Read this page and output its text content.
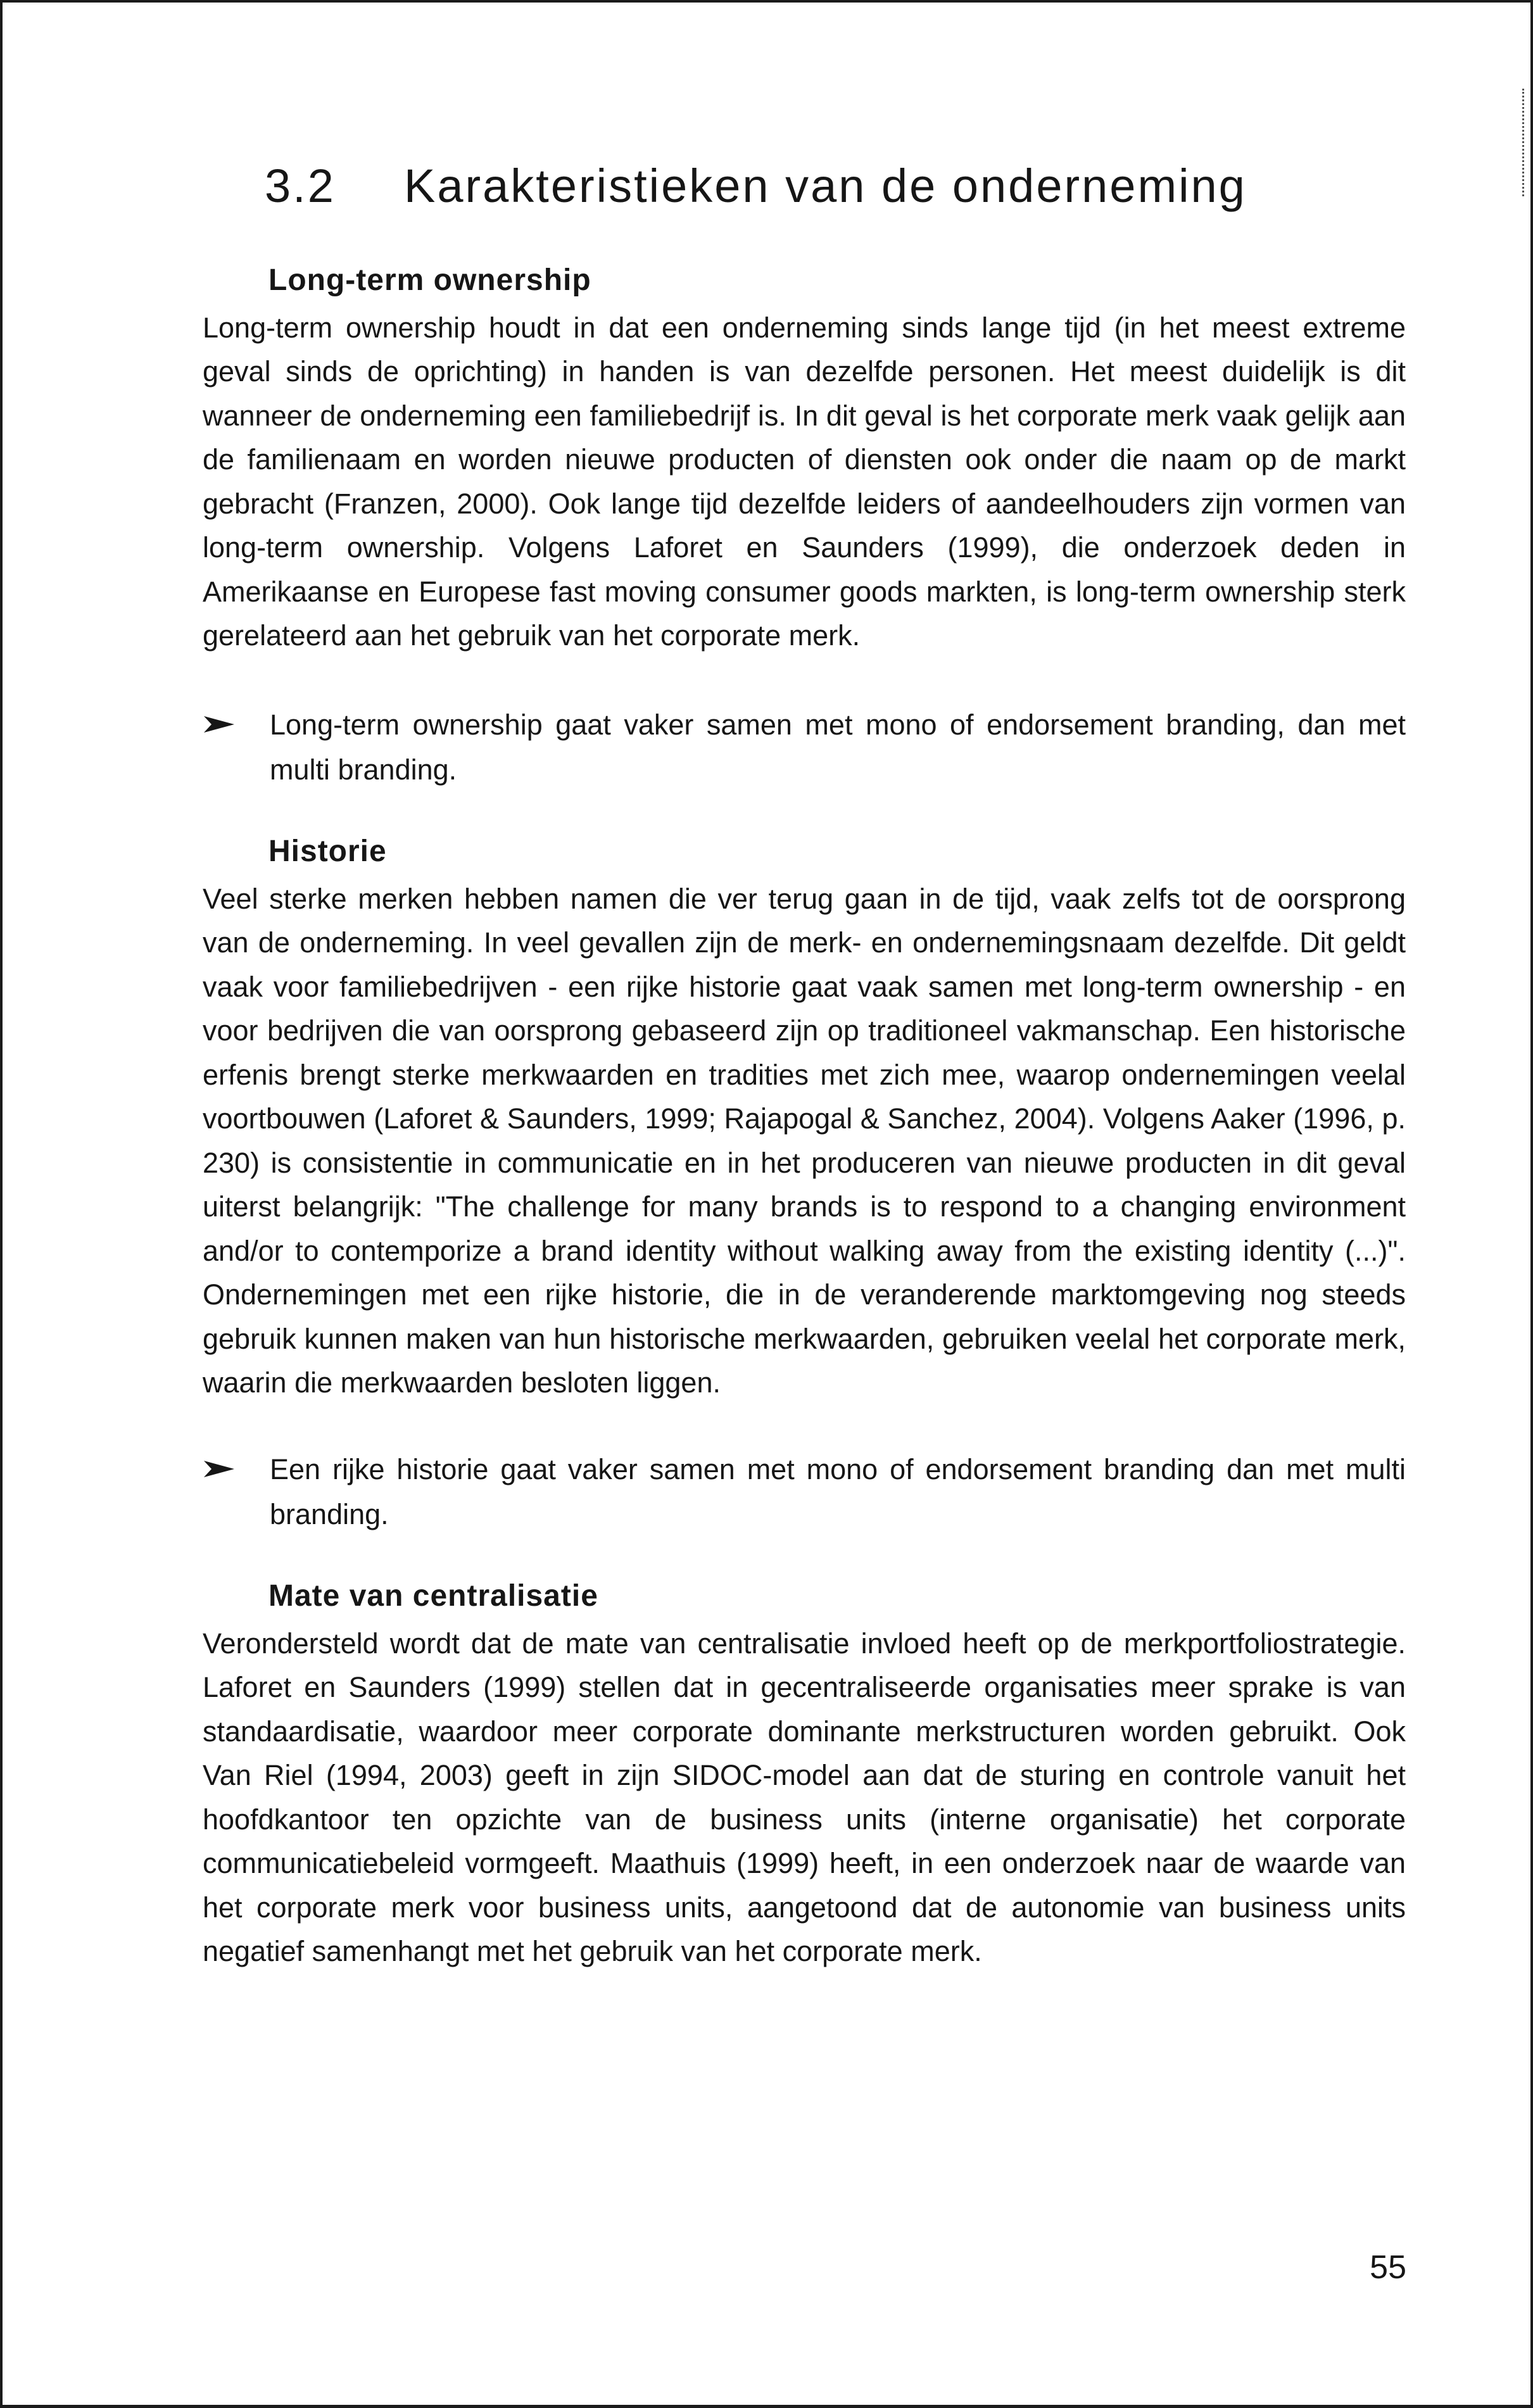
3.2 Karakteristieken van de onderneming
Long-term ownership

Long-term ownership houdt in dat een onderneming sinds lange tijd (in het meest extreme geval sinds de oprichting) in handen is van dezelfde personen. Het meest duidelijk is dit wanneer de onderneming een familiebedrijf is. In dit geval is het corporate merk vaak gelijk aan de familienaam en worden nieuwe producten of diensten ook onder die naam op de markt gebracht (Franzen, 2000). Ook lange tijd dezelfde leiders of aandeelhouders zijn vormen van long-term ownership. Volgens Laforet en Saunders (1999), die onderzoek deden in Amerikaanse en Europese fast moving consumer goods markten, is long-term ownership sterk gerelateerd aan het gebruik van het corporate merk.

Long-term ownership gaat vaker samen met mono of endorsement branding, dan met multi branding.
Historie

Veel sterke merken hebben namen die ver terug gaan in de tijd, vaak zelfs tot de oorsprong van de onderneming. In veel gevallen zijn de merk- en ondernemingsnaam dezelfde. Dit geldt vaak voor familiebedrijven - een rijke historie gaat vaak samen met long-term ownership - en voor bedrijven die van oorsprong gebaseerd zijn op traditioneel vakmanschap. Een historische erfenis brengt sterke merkwaarden en tradities met zich mee, waarop ondernemingen veelal voortbouwen (Laforet & Saunders, 1999; Rajapogal & Sanchez, 2004). Volgens Aaker (1996, p. 230) is consistentie in communicatie en in het produceren van nieuwe producten in dit geval uiterst belangrijk: "The challenge for many brands is to respond to a changing environment and/or to contemporize a brand identity without walking away from the existing identity (...)". Ondernemingen met een rijke historie, die in de veranderende marktomgeving nog steeds gebruik kunnen maken van hun historische merkwaarden, gebruiken veelal het corporate merk, waarin die merkwaarden besloten liggen.

Een rijke historie gaat vaker samen met mono of endorsement branding dan met multi branding.
Mate van centralisatie

Verondersteld wordt dat de mate van centralisatie invloed heeft op de merkportfoliostrategie. Laforet en Saunders (1999) stellen dat in gecentraliseerde organisaties meer sprake is van standaardisatie, waardoor meer corporate dominante merkstructuren worden gebruikt. Ook Van Riel (1994, 2003) geeft in zijn SIDOC-model aan dat de sturing en controle vanuit het hoofdkantoor ten opzichte van de business units (interne organisatie) het corporate communicatiebeleid vormgeeft. Maathuis (1999) heeft, in een onderzoek naar de waarde van het corporate merk voor business units, aangetoond dat de autonomie van business units negatief samenhangt met het gebruik van het corporate merk.

55
